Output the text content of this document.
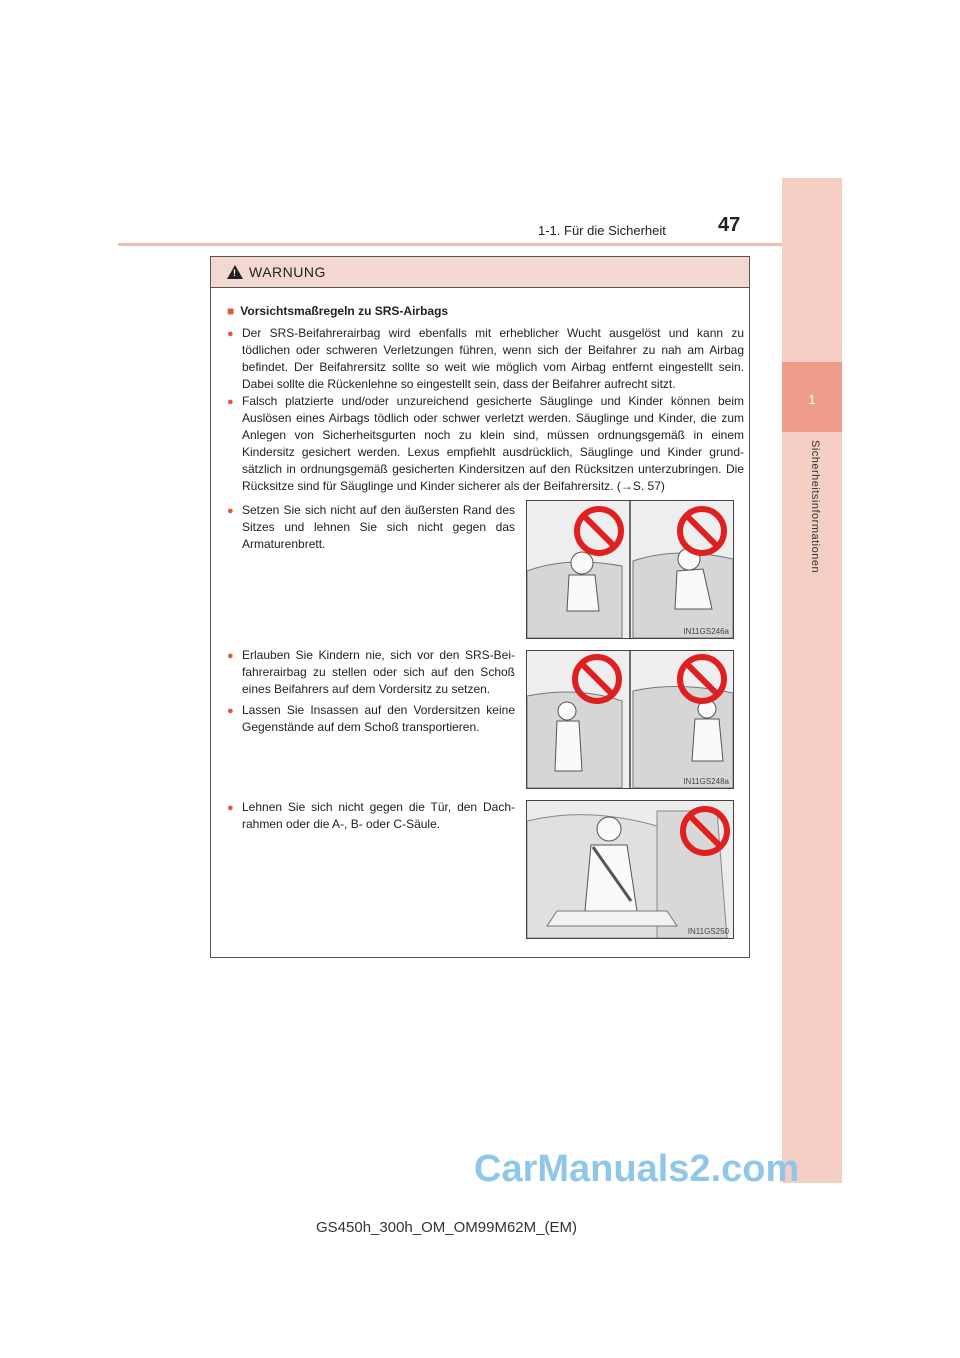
1-1. Für die Sicherheit	47
1
Sicherheitsinformationen
! WARNUNG
■ Vorsichtsmaßregeln zu SRS-Airbags
● Der SRS-Beifahrerairbag wird ebenfalls mit erheblicher Wucht ausgelöst und kann zu tödlichen oder schweren Verletzungen führen, wenn sich der Beifahrer zu nah am Airbag befindet. Der Beifahrersitz sollte so weit wie möglich vom Airbag entfernt eingestellt sein. Dabei sollte die Rückenlehne so eingestellt sein, dass der Beifahrer aufrecht sitzt.
● Falsch platzierte und/oder unzureichend gesicherte Säuglinge und Kinder können beim Auslösen eines Airbags tödlich oder schwer verletzt werden. Säuglinge und Kinder, die zum Anlegen von Sicherheitsgurten noch zu klein sind, müssen ordnungsgemäß in einem Kindersitz gesichert werden. Lexus empfiehlt ausdrücklich, Säuglinge und Kinder grund-sätzlich in ordnungsgemäß gesicherten Kindersitzen auf den Rücksitzen unterzubringen. Die Rücksitze sind für Säuglinge und Kinder sicherer als der Beifahrersitz. (→S. 57)
● Setzen Sie sich nicht auf den äußersten Rand des Sitzes und lehnen Sie sich nicht gegen das Armaturenbrett.
● Erlauben Sie Kindern nie, sich vor den SRS-Bei-fahrerairbag zu stellen oder sich auf den Schoß eines Beifahrers auf dem Vordersitz zu setzen.
● Lassen Sie Insassen auf den Vordersitzen keine Gegenstände auf dem Schoß transportieren.
● Lehnen Sie sich nicht gegen die Tür, den Dach-rahmen oder die A-, B- oder C-Säule.
IN11GS246a
IN11GS248a
IN11GS250
CarManuals2.com
GS450h_300h_OM_OM99M62M_(EM)
